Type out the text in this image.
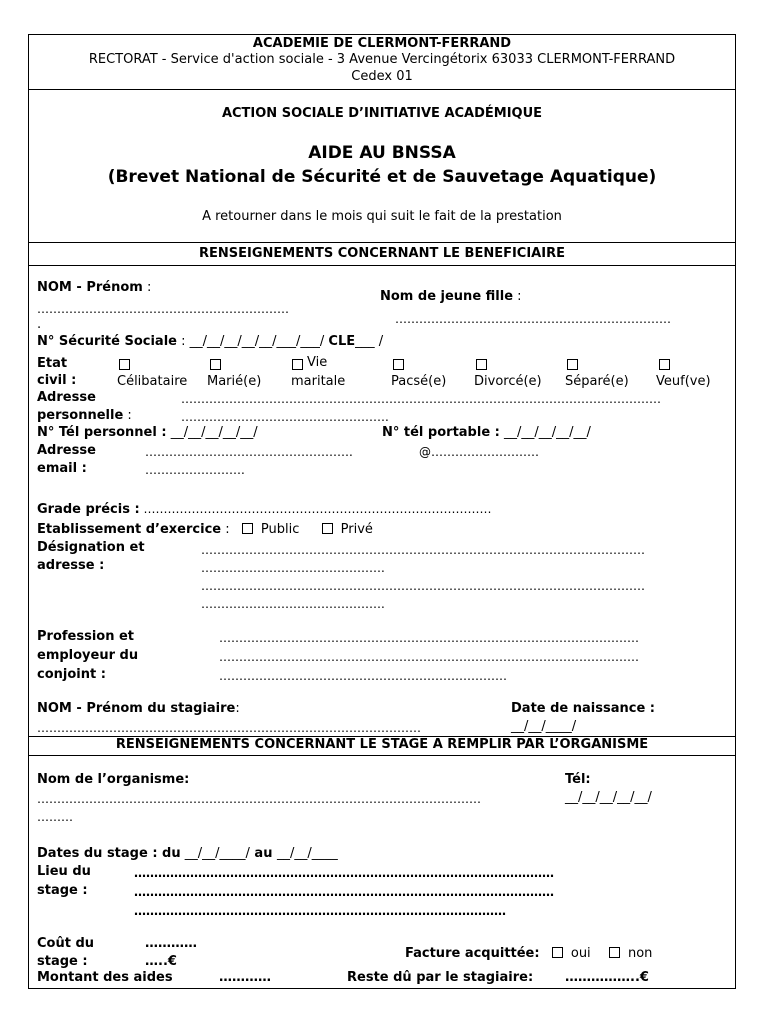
ACADEMIE DE CLERMONT-FERRAND
RECTORAT - Service d'action sociale - 3 Avenue Vercingétorix 63033 CLERMONT-FERRAND
Cedex 01
ACTION SOCIALE D’INITIATIVE ACADÉMIQUE
AIDE AU BNSSA
(Brevet National de Sécurité et de Sauvetage Aquatique)
A retourner dans le mois qui suit le fait de la prestation
RENSEIGNEMENTS CONCERNANT LE BENEFICIAIRE
NOM - Prénom :
………………………………………………………
.
Nom de jeune fille :
……………………………………………………………
N° Sécurité Sociale : __/__/__/__/__/___/___/ CLE___ /
Etat
civil :	Célibataire Marié(e)
Vie
maritale	Pacsé(e) Divorcé(e) Séparé(e) Veuf(ve)
Adresse
personnelle :
…………………………………………………………………………………………………………
…………………………………………….
N° Tél personnel : __/__/__/__/__/	N° tél portable : __/__/__/__/__/
Adresse
email :
…………………………………………….	@………………………
…………………….
Grade précis : ……………………………………………………………………………
Etablissement d’exercice :  Public	Privé
Désignation et
adresse :
…………………………………………………………………………………………………
……………………………………….
…………………………………………………………………………………………………
……………………………………….
Profession et
employeur du
conjoint :
……………………………………………………………………………………………
……………………………………………………………………………………………
………………………………………………………………
NOM - Prénom du stagiaire:
……………………………………………………………………………………
Date de naissance :
__/__/____/
RENSEIGNEMENTS CONCERNANT LE STAGE A REMPLIR PAR L’ORGANISME
Nom de l’organisme:
…………………………………………………………………………………………………
………
Tél:
__/__/__/__/__/
Dates du stage : du __/__/____/ au __/__/____
Lieu du
stage :
……………………………………………………………………………………………
……………………………………………………………………………………………
…………………………………………………………………………………
Coût du
stage :
…………
…..€
Facture acquittée: oui	non
Montant des aides	…………	Reste dû par le stagiaire: ……………..€
